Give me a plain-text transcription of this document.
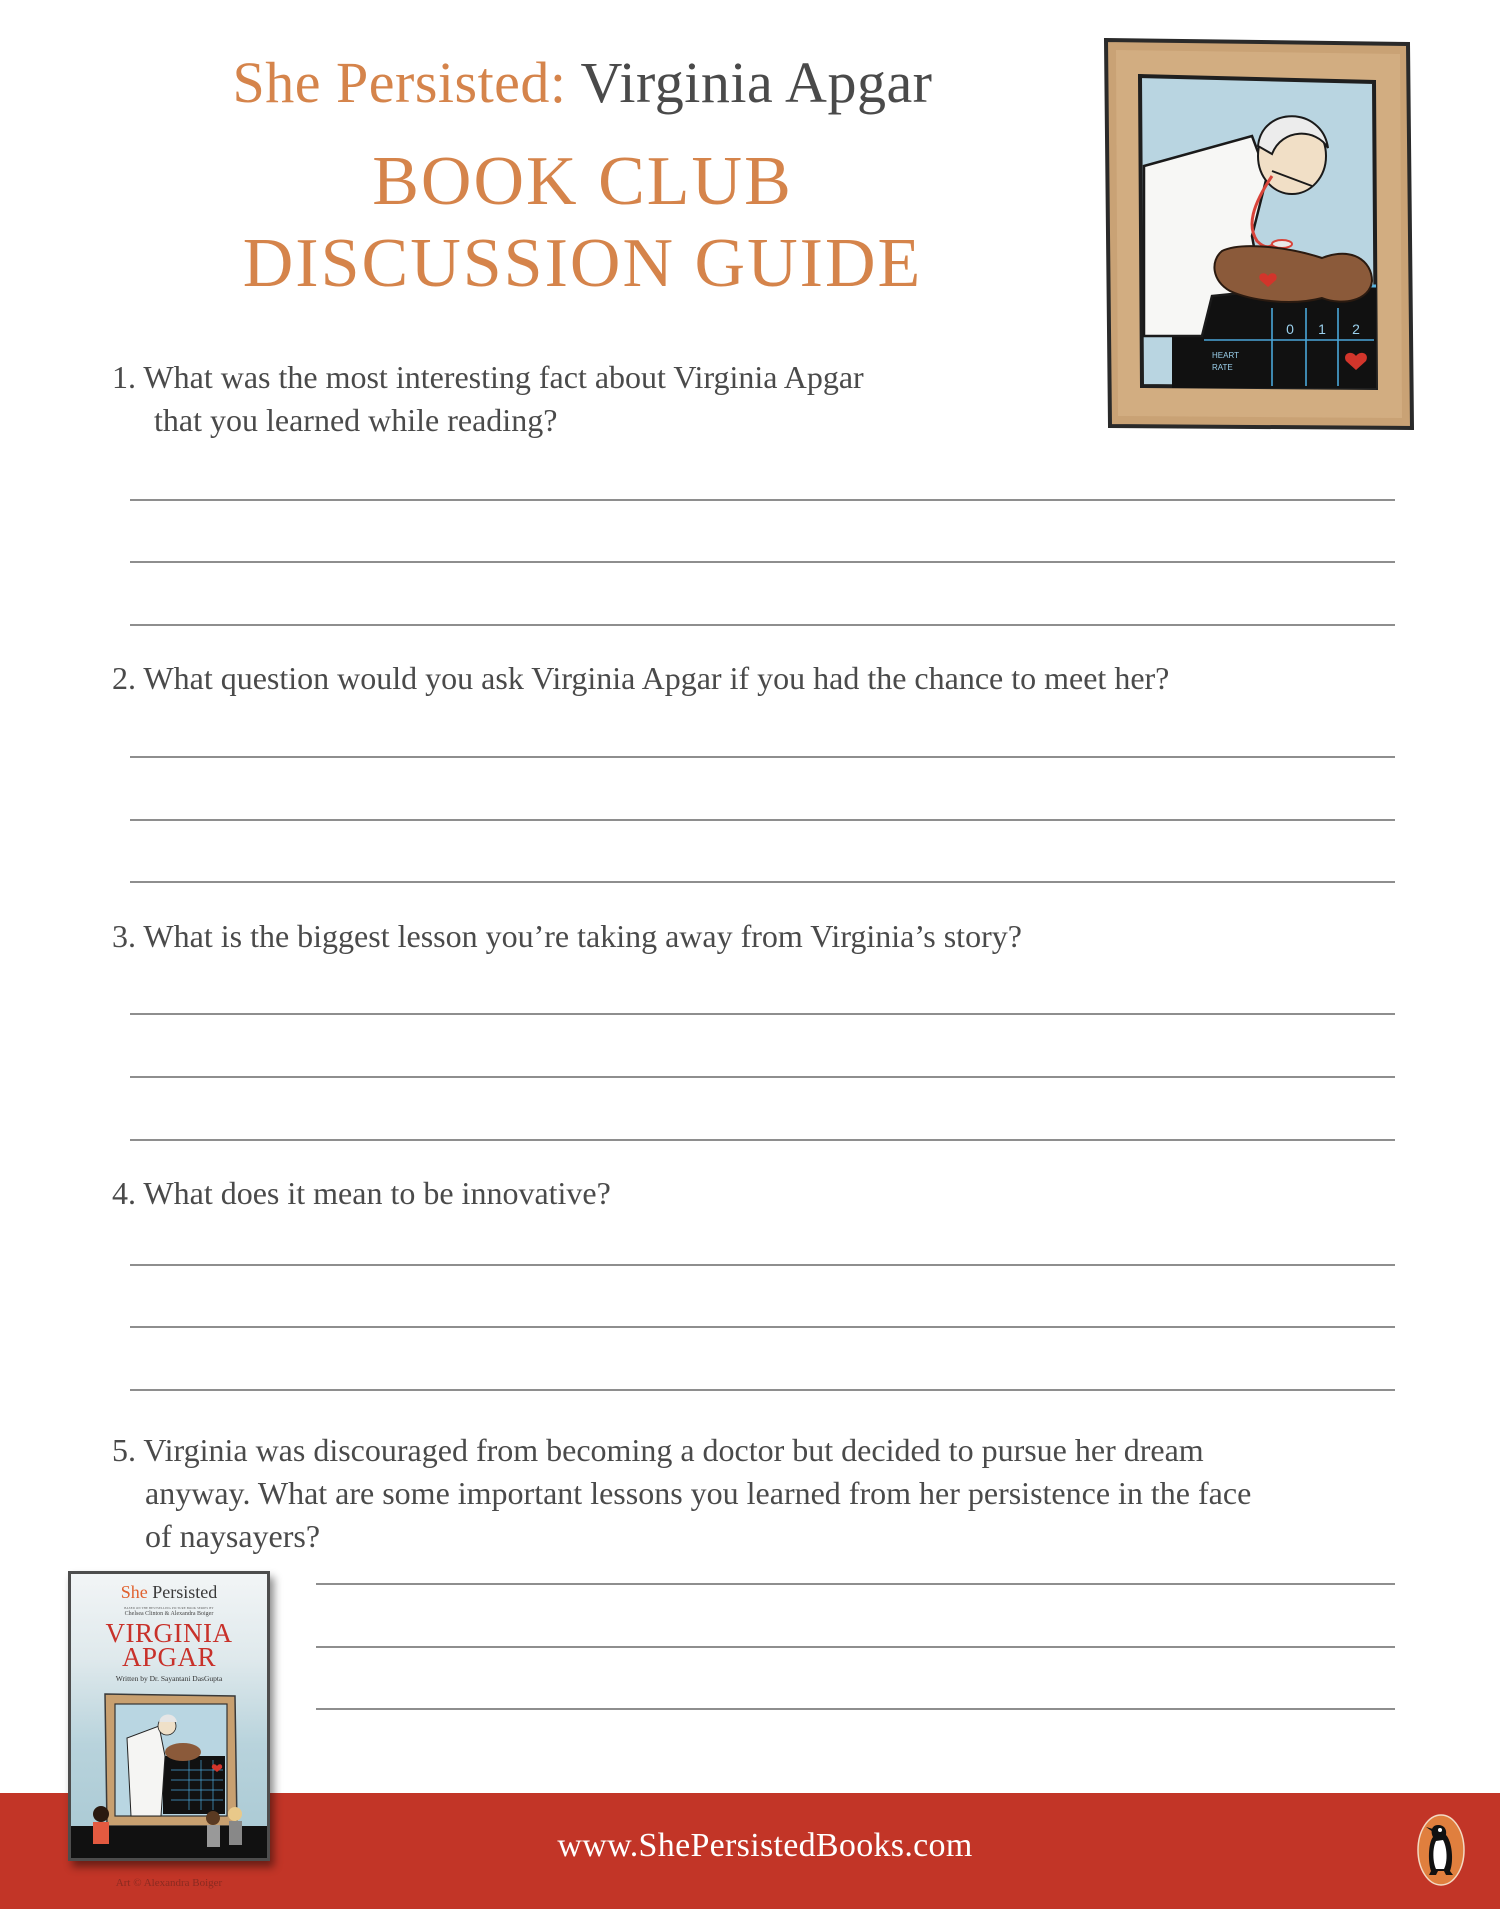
She Persisted: Virginia Apgar
BOOK CLUB
DISCUSSION GUIDE
0 1 2
HEART
RATE

1. What was the most interesting fact about Virginia Apgar

that you learned while reading?

2. What question would you ask Virginia Apgar if you had the chance to meet her?

3. What is the biggest lesson you’re taking away from Virginia’s story?

4. What does it mean to be innovative?

5. Virginia was discouraged from becoming a doctor but decided to pursue her dream

anyway. What are some important lessons you learned from her persistence in the face

of naysayers?

www.ShePersistedBooks.com
She Persisted
BASED ON THE BESTSELLING PICTURE BOOK SERIES BY
Chelsea Clinton & Alexandra Boiger
VIRGINIA
APGAR
Written by Dr. Sayantani DasGupta
Art © Alexandra Boiger
